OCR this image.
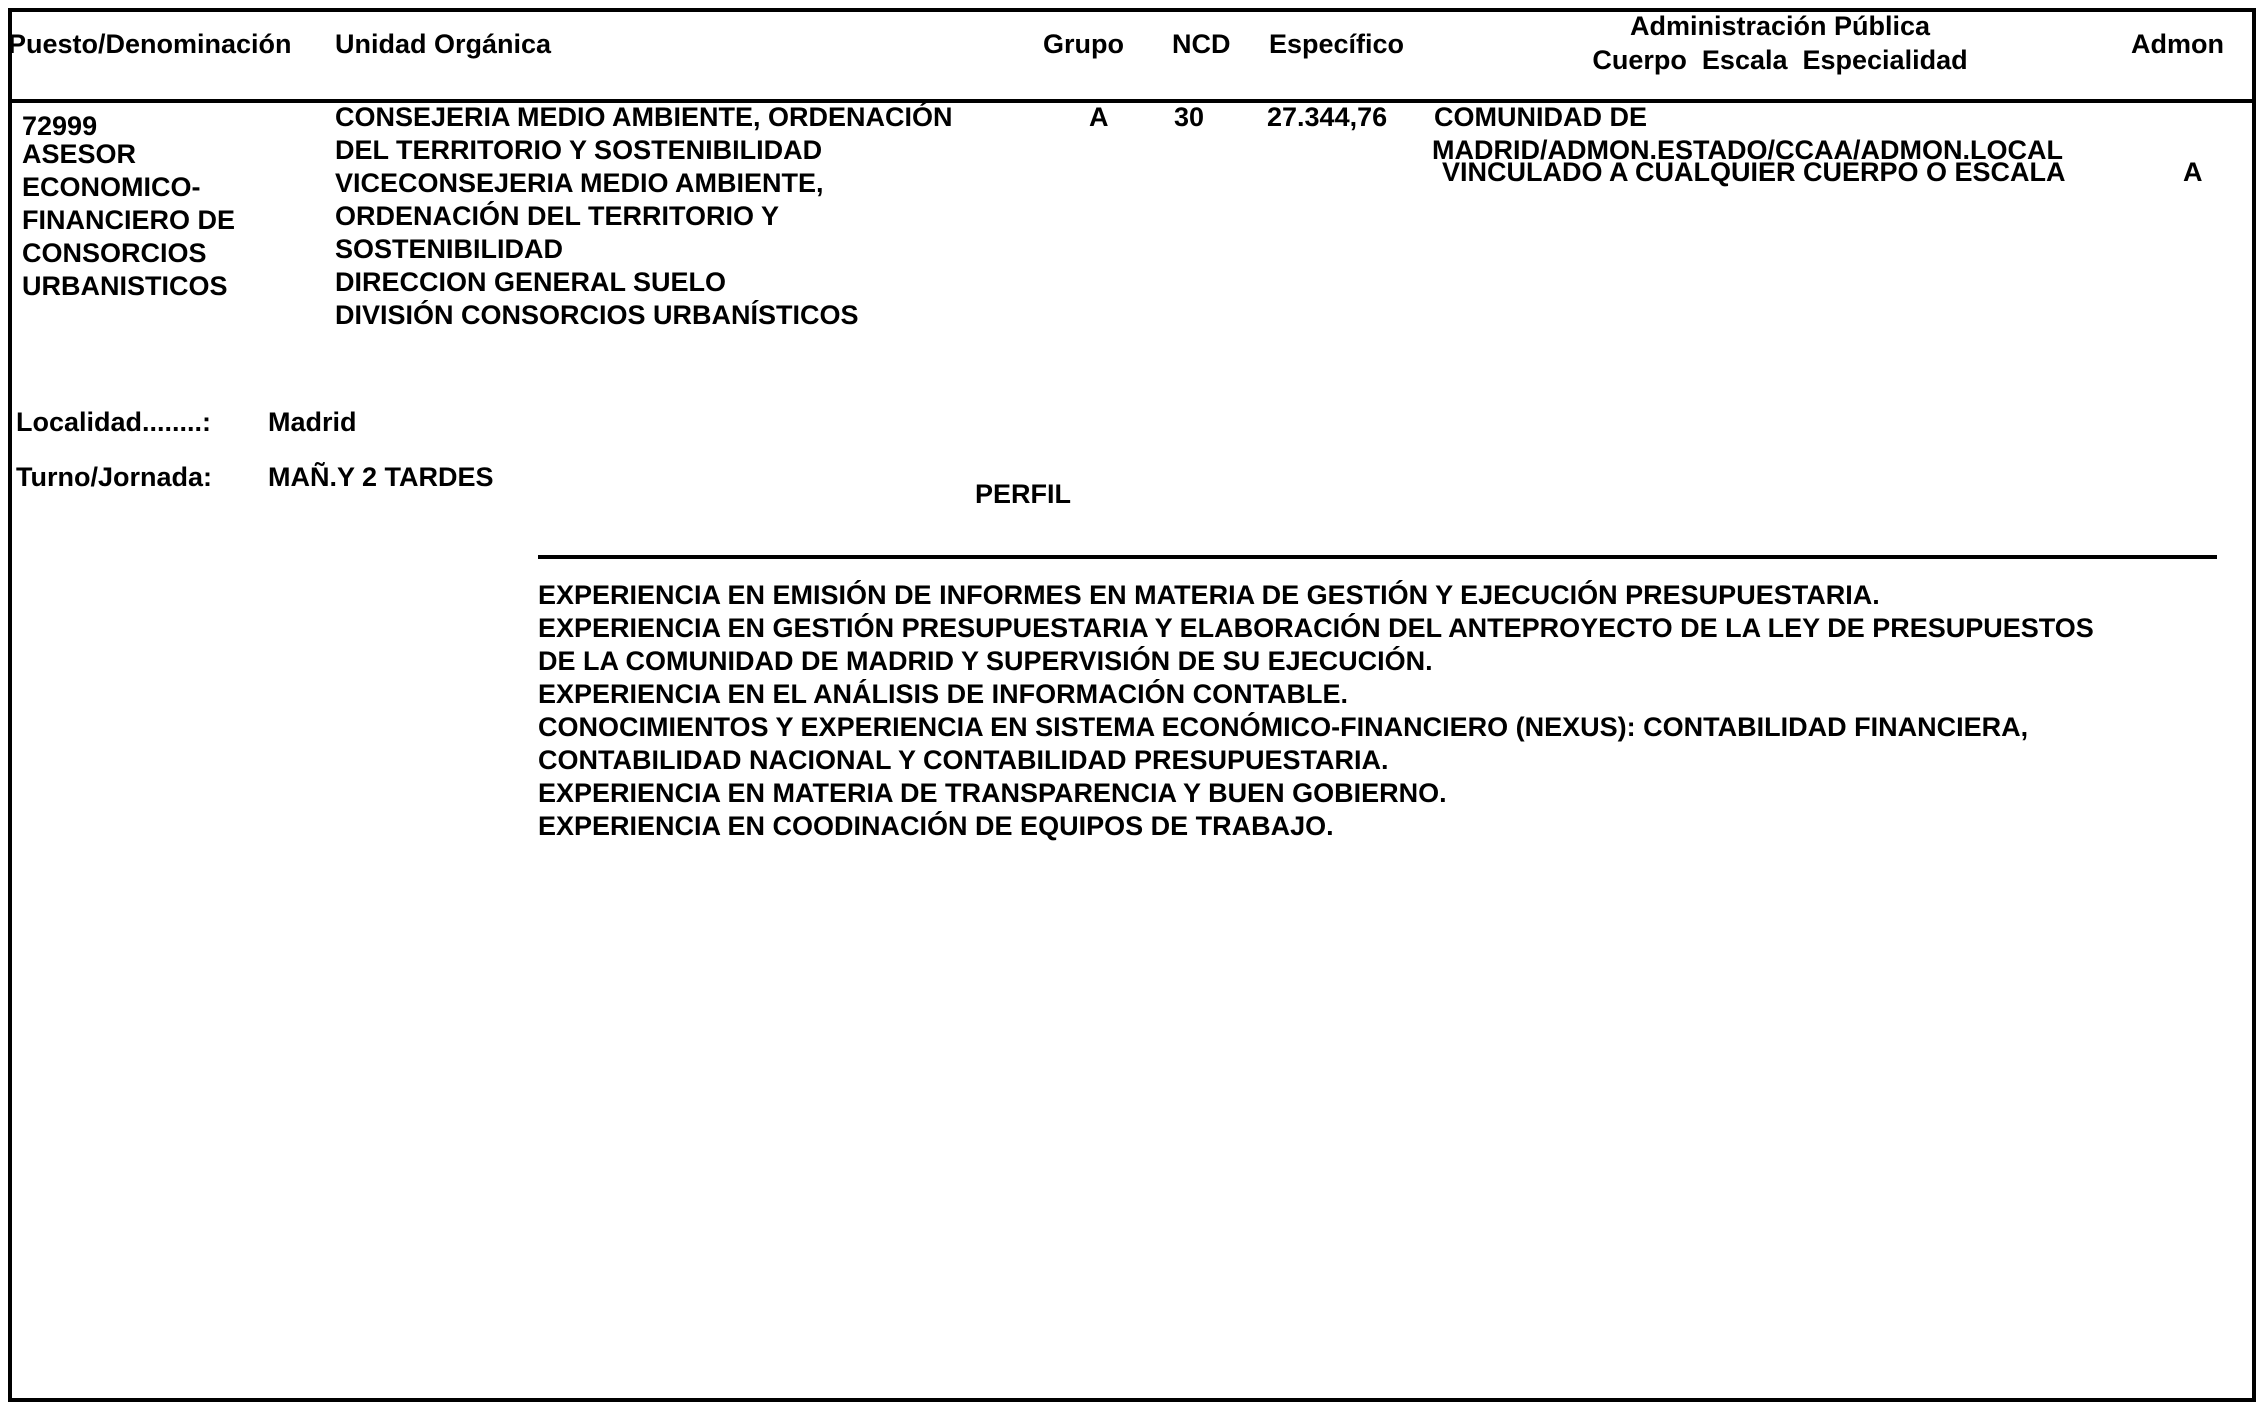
Puesto/Denominación Unidad Orgánica	Grupo NCD Específico
Administración Pública
Cuerpo  Escala  Especialidad
Admon
72999
ASESOR
ECONOMICO-
FINANCIERO DE
CONSORCIOS
URBANISTICOS
CONSEJERIA MEDIO AMBIENTE, ORDENACIÓN
DEL TERRITORIO Y SOSTENIBILIDAD
VICECONSEJERIA MEDIO AMBIENTE,
ORDENACIÓN DEL TERRITORIO Y
SOSTENIBILIDAD
DIRECCION GENERAL SUELO
DIVISIÓN CONSORCIOS URBANÍSTICOS
A 30 27.344,76 COMUNIDAD DE
MADRID/ADMON.ESTADO/CCAA/ADMON.LOCAL
VINCULADO A CUALQUIER CUERPO O ESCALA	A
Localidad........: Madrid
Turno/Jornada: MAÑ.Y 2 TARDES
PERFIL
EXPERIENCIA EN EMISIÓN DE INFORMES EN MATERIA DE GESTIÓN Y EJECUCIÓN PRESUPUESTARIA.
EXPERIENCIA EN GESTIÓN PRESUPUESTARIA Y ELABORACIÓN DEL ANTEPROYECTO DE LA LEY DE PRESUPUESTOS
DE LA COMUNIDAD DE MADRID Y SUPERVISIÓN DE SU EJECUCIÓN.
EXPERIENCIA EN EL ANÁLISIS DE INFORMACIÓN CONTABLE.
CONOCIMIENTOS Y EXPERIENCIA EN SISTEMA ECONÓMICO-FINANCIERO (NEXUS): CONTABILIDAD FINANCIERA,
CONTABILIDAD NACIONAL Y CONTABILIDAD PRESUPUESTARIA.
EXPERIENCIA EN MATERIA DE TRANSPARENCIA Y BUEN GOBIERNO.
EXPERIENCIA EN COODINACIÓN DE EQUIPOS DE TRABAJO.
